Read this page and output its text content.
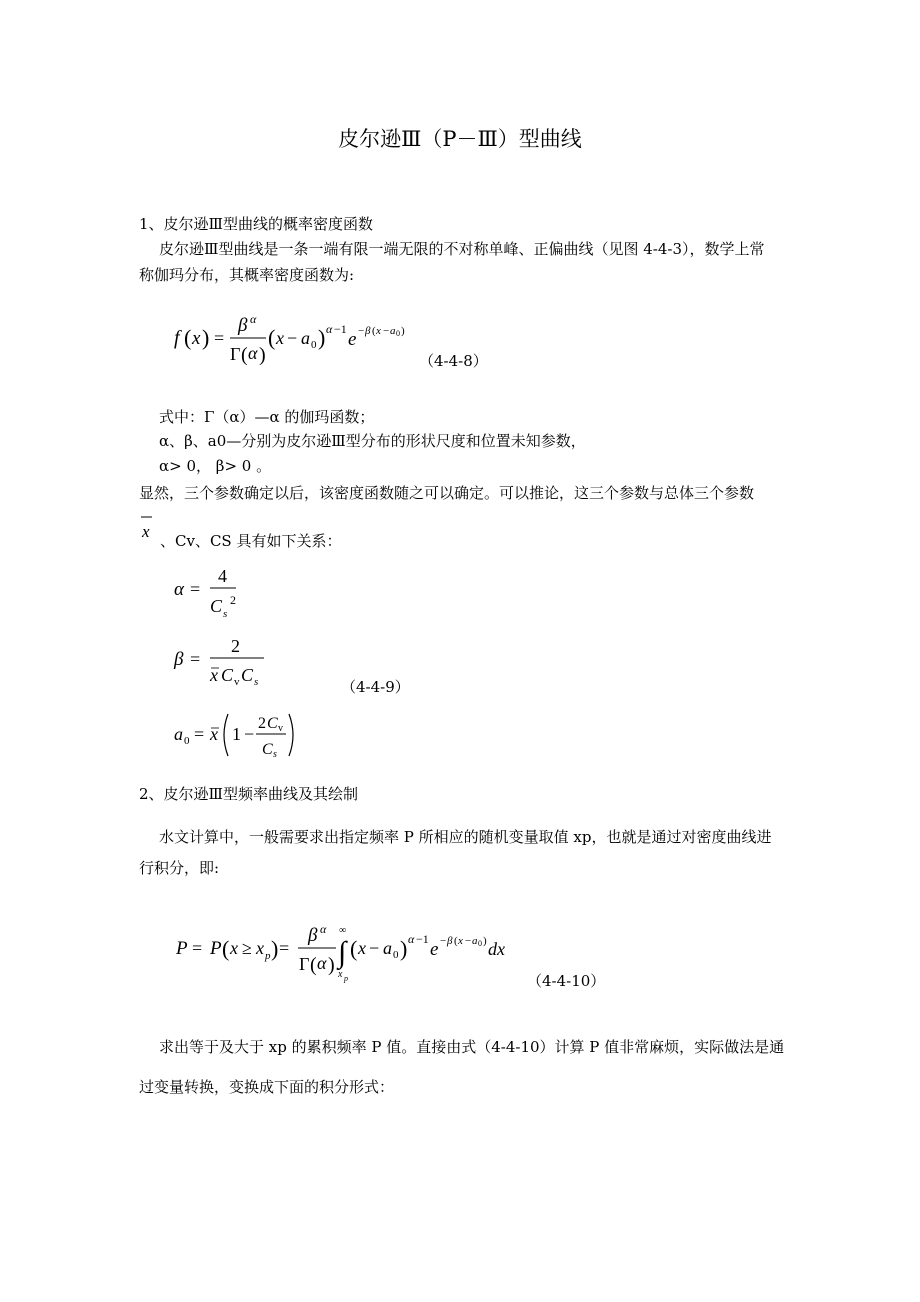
皮尔逊Ⅲ（P－Ⅲ）型曲线
1、皮尔逊Ⅲ型曲线的概率密度函数
皮尔逊Ⅲ型曲线是一条一端有限一端无限的不对称单峰、正偏曲线（见图 4-4-3），数学上常
称伽玛分布，其概率密度函数为:
f ( x ) =
β α
Γ ( α )
( x − a 0 ) α −1 e − β ( x − a 0 )
（4-4-8）
式中：Γ（α）—α 的伽玛函数；
α、β、a0—分别为皮尔逊Ⅲ型分布的形状尺度和位置未知参数，
α> 0， β> 0 。
显然，三个参数确定以后，该密度函数随之可以确定。可以推论，这三个参数与总体三个参数
x 、Cv、CS 具有如下关系：
α =
4
C s
2
β =
2
x C v C s	（4-4-9）
a 0 = x 1 −
2 C v
C s
2、皮尔逊Ⅲ型频率曲线及其绘制
水文计算中，一般需要求出指定频率 P 所相应的随机变量取值 xp，也就是通过对密度曲线进
行积分，即:
P = P ( x ≥ x p ) =
β α
Γ ( α )
∞
∫
x p
( x − a 0 ) α −1 e − β ( x − a 0 ) dx
（4-4-10）
求出等于及大于 xp 的累积频率 P 值。直接由式（4-4-10）计算 P 值非常麻烦，实际做法是通
过变量转换，变换成下面的积分形式：
